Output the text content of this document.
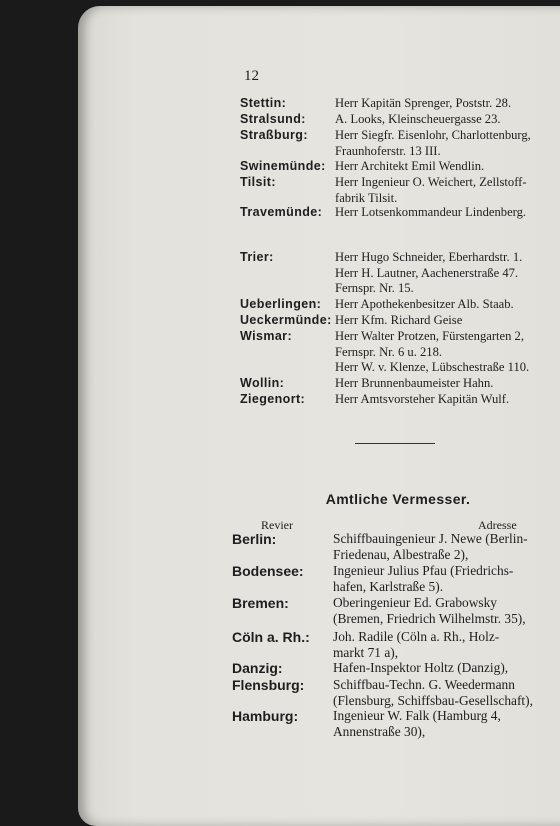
12
Stettin:	Herr Kapitän Sprenger, Poststr. 28.
Stralsund: A. Looks, Kleinscheuergasse 23.
Straßburg: Herr Siegfr. Eisenlohr, Charlottenburg,
Fraunhoferstr. 13 III.
Swinemünde: Herr Architekt Emil Wendlin.
Tilsit:	Herr Ingenieur O. Weichert, Zellstoff-
fabrik Tilsit.
Travemünde: Herr Lotsenkommandeur Lindenberg.
Trier:	Herr Hugo Schneider, Eberhardstr. 1.
Herr H. Lautner, Aachenerstraße 47.
Fernspr. Nr. 15.
Ueberlingen: Herr Apothekenbesitzer Alb. Staab.
Ueckermünde: Herr Kfm. Richard Geise
Wismar:	Herr Walter Protzen, Fürstengarten 2,
Fernspr. Nr. 6 u. 218.
Herr W. v. Klenze, Lübschestraße 110.
Wollin:	Herr Brunnenbaumeister Hahn.
Ziegenort: Herr Amtsvorsteher Kapitän Wulf.
Amtliche Vermesser.
Revier	Adresse
Berlin:	Schiffbauingenieur J. Newe (Berlin-
Friedenau, Albestraße 2),
Bodensee: Ingenieur Julius Pfau (Friedrichs-
hafen, Karlstraße 5).
Bremen:	Oberingenieur Ed. Grabowsky
(Bremen, Friedrich Wilhelmstr. 35),
Cöln a. Rh.: Joh. Radile (Cöln a. Rh., Holz-
markt 71 a),
Danzig:	Hafen-Inspektor Holtz (Danzig),
Flensburg: Schiffbau-Techn. G. Weedermann
(Flensburg, Schiffsbau-Gesellschaft),
Hamburg:	Ingenieur W. Falk (Hamburg 4,
Annenstraße 30),
